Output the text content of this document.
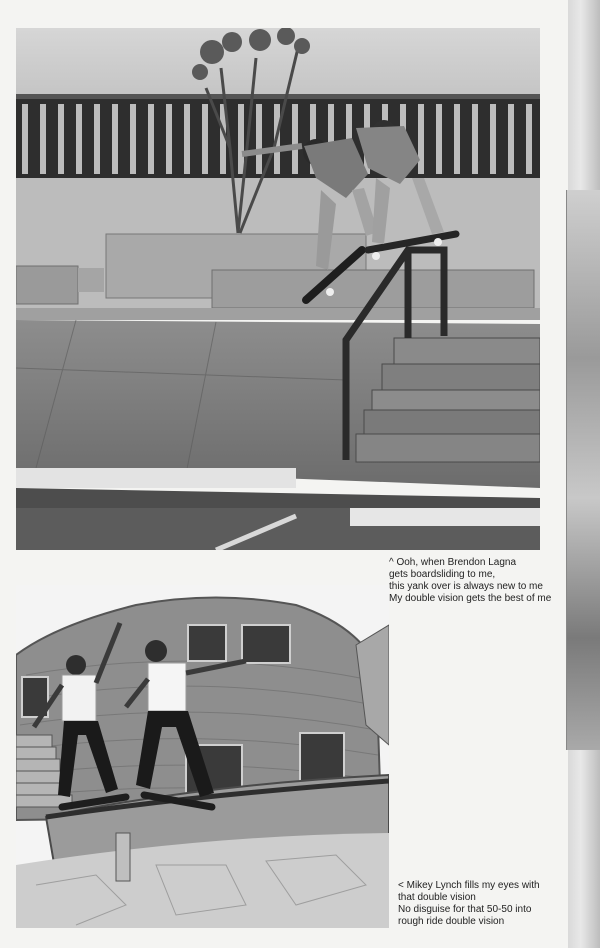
^ Ooh, when Brendon Lagna
gets boardsliding to me,
this yank over is always new to me
My double vision gets the best of me
< Mikey Lynch fills my eyes with
that double vision
No disguise for that 50-50 into
rough ride double vision
